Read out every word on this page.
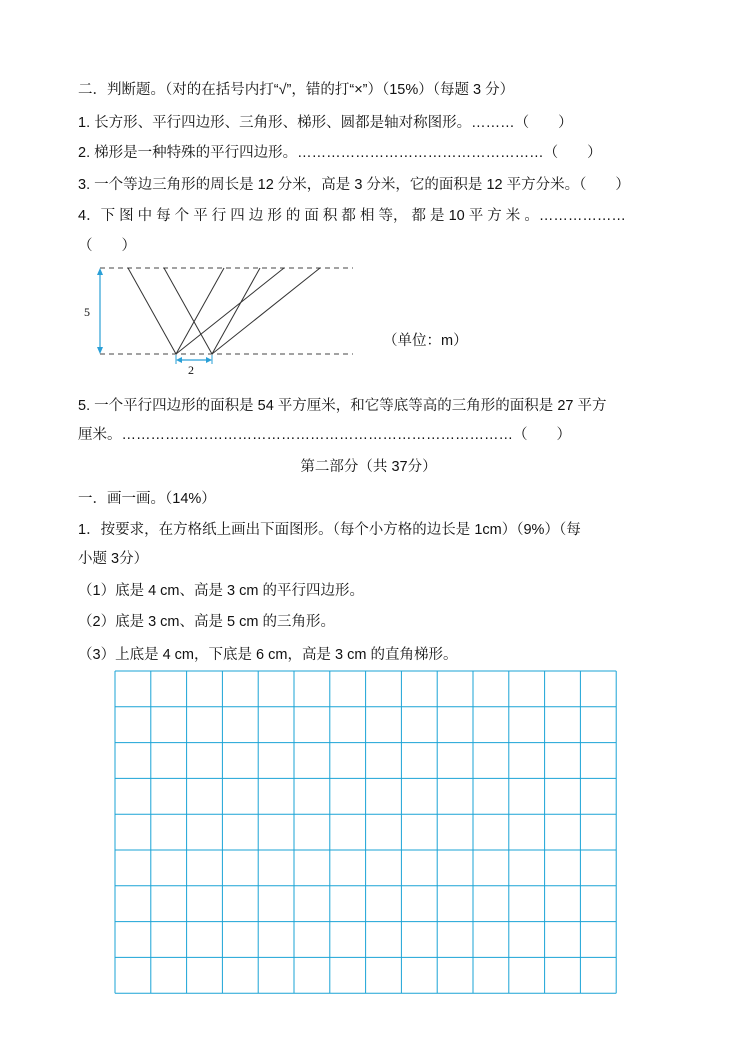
二．判断题。（对的在括号内打“√”，错的打“×”）（15%）（每题 3 分）
1. 长方形、平行四边形、三角形、梯形、圆都是轴对称图形。………（　　）
2. 梯形是一种特殊的平行四边形。……………………………………………（　　）
3. 一个等边三角形的周长是 12 分米，高是 3 分米，它的面积是 12 平方分米。（　　）
4．下 图 中 每 个 平 行 四 边 形 的 面 积 都 相 等， 都 是 10 平 方 米 。………………
（　　）
5
2
（单位：m）
5. 一个平行四边形的面积是 54 平方厘米，和它等底等高的三角形的面积是 27 平方
厘米。………………………………………………………………………（　　）
第二部分（共 37分）
一．画一画。（14%）
1．按要求，在方格纸上画出下面图形。（每个小方格的边长是 1cm）（9%）（每
小题 3分）
（1）底是 4 cm、高是 3 cm 的平行四边形。
（2）底是 3 cm、高是 5 cm 的三角形。
（3）上底是 4 cm，下底是 6 cm，高是 3 cm 的直角梯形。
